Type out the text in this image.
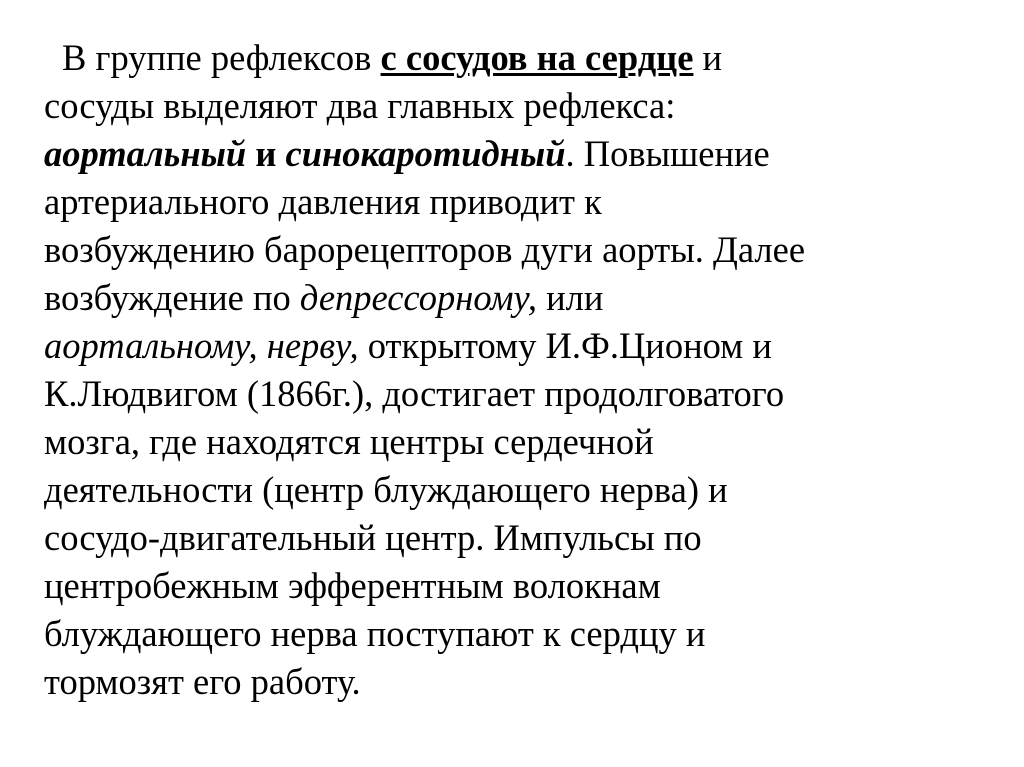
В группе рефлексов с сосудов на сердце и
сосуды выделяют два главных рефлекса:
аортальный и синокаротидный. Повышение
артериального давления приводит к
возбуждению барорецепторов дуги аорты. Далее
возбуждение по депрессорному, или
аортальному, нерву, открытому И.Ф.Ционом и
К.Людвигом (1866г.), достигает продолговатого
мозга, где находятся центры сердечной
деятельности (центр блуждающего нерва) и
сосудо-двигательный центр. Импульсы по
центробежным эфферентным волокнам
блуждающего нерва поступают к сердцу и
тормозят его работу.
